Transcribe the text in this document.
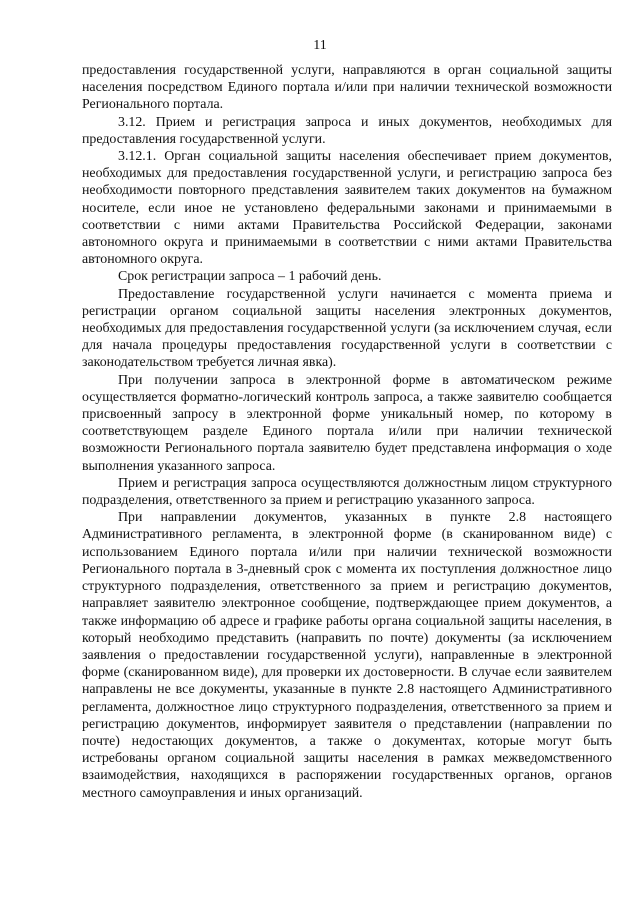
11

предоставления государственной услуги, направляются в орган социальной защиты населения посредством Единого портала и/или при наличии технической возможности Регионального портала.

3.12. Прием и регистрация запроса и иных документов, необходимых для предоставления государственной услуги.

3.12.1. Орган социальной защиты населения обеспечивает прием документов, необходимых для предоставления государственной услуги, и регистрацию запроса без необходимости повторного представления заявителем таких документов на бумажном носителе, если иное не установлено федеральными законами и принимаемыми в соответствии с ними актами Правительства Российской Федерации, законами автономного округа и принимаемыми в соответствии с ними актами Правительства автономного округа.

Срок регистрации запроса – 1 рабочий день.

Предоставление государственной услуги начинается с момента приема и регистрации органом социальной защиты населения электронных документов, необходимых для предоставления государственной услуги (за исключением случая, если для начала процедуры предоставления государственной услуги в соответствии с законодательством требуется личная явка).

При получении запроса в электронной форме в автоматическом режиме осуществляется форматно-логический контроль запроса, а также заявителю сообщается присвоенный запросу в электронной форме уникальный номер, по которому в соответствующем разделе Единого портала и/или при наличии технической возможности Регионального портала заявителю будет представлена информация о ходе выполнения указанного запроса.

Прием и регистрация запроса осуществляются должностным лицом структурного подразделения, ответственного за прием и регистрацию указанного запроса.

При направлении документов, указанных в пункте 2.8 настоящего Административного регламента, в электронной форме (в сканированном виде) с использованием Единого портала и/или при наличии технической возможности Регионального портала в 3-дневный срок с момента их поступления должностное лицо структурного подразделения, ответственного за прием и регистрацию документов, направляет заявителю электронное сообщение, подтверждающее прием документов, а также информацию об адресе и графике работы органа социальной защиты населения, в который необходимо представить (направить по почте) документы (за исключением заявления о предоставлении государственной услуги), направленные в электронной форме (сканированном виде), для проверки их достоверности. В случае если заявителем направлены не все документы, указанные в пункте 2.8 настоящего Административного регламента, должностное лицо структурного подразделения, ответственного за прием и регистрацию документов, информирует заявителя о представлении (направлении по почте) недостающих документов, а также о документах, которые могут быть истребованы органом социальной защиты населения в рамках межведомственного взаимодействия, находящихся в распоряжении государственных органов, органов местного самоуправления и иных организаций.
